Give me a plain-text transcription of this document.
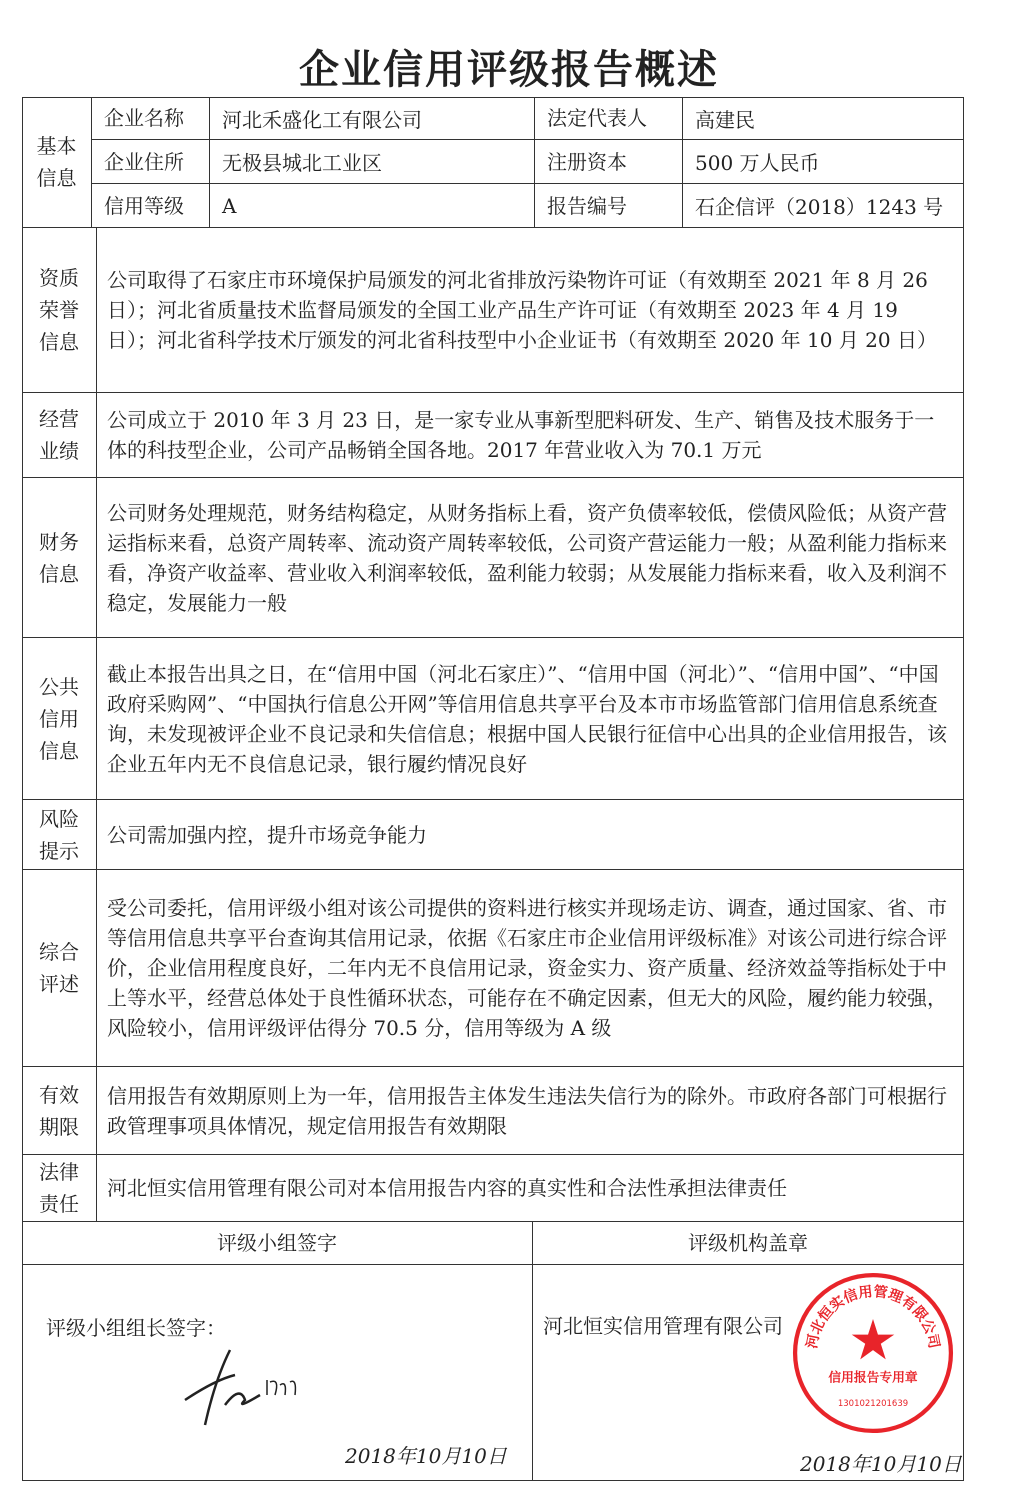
企业信用评级报告概述
基本信息
企业名称	河北禾盛化工有限公司	法定代表人	高建民
企业住所	无极县城北工业区	注册资本	500 万人民币
信用等级	A	报告编号	石企信评（2018）1243 号
资质荣誉信息
公司取得了石家庄市环境保护局颁发的河北省排放污染物许可证（有效期至 2021 年 8 月 26 日）；河北省质量技术监督局颁发的全国工业产品生产许可证（有效期至 2023 年 4 月 19 日）；河北省科学技术厅颁发的河北省科技型中小企业证书（有效期至 2020 年 10 月 20 日）
经营业绩
公司成立于 2010 年 3 月 23 日，是一家专业从事新型肥料研发、生产、销售及技术服务于一体的科技型企业，公司产品畅销全国各地。2017 年营业收入为 70.1 万元
财务信息
公司财务处理规范，财务结构稳定，从财务指标上看，资产负债率较低，偿债风险低；从资产营运指标来看，总资产周转率、流动资产周转率较低，公司资产营运能力一般；从盈利能力指标来看，净资产收益率、营业收入利润率较低，盈利能力较弱；从发展能力指标来看，收入及利润不稳定，发展能力一般
公共信用信息
截止本报告出具之日，在“信用中国（河北石家庄）”、“信用中国（河北）”、“信用中国”、“中国政府采购网”、“中国执行信息公开网”等信用信息共享平台及本市市场监管部门信用信息系统查询，未发现被评企业不良记录和失信信息；根据中国人民银行征信中心出具的企业信用报告，该企业五年内无不良信息记录，银行履约情况良好
风险提示
公司需加强内控，提升市场竞争能力
综合评述
受公司委托，信用评级小组对该公司提供的资料进行核实并现场走访、调查，通过国家、省、市等信用信息共享平台查询其信用记录，依据《石家庄市企业信用评级标准》对该公司进行综合评价，企业信用程度良好，二年内无不良信用记录，资金实力、资产质量、经济效益等指标处于中上等水平，经营总体处于良性循环状态，可能存在不确定因素，但无大的风险，履约能力较强，风险较小，信用评级评估得分 70.5 分，信用等级为 A 级
有效期限
信用报告有效期原则上为一年，信用报告主体发生违法失信行为的除外。市政府各部门可根据行政管理事项具体情况，规定信用报告有效期限
法律责任
河北恒实信用管理有限公司对本信用报告内容的真实性和合法性承担法律责任
评级小组签字	评级机构盖章
评级小组组长签字：
2018年10月10日
河北恒实信用管理有限公司
2018年10月10日
河北恒实信用管理有限公司
信用报告专用章
1301021201639
